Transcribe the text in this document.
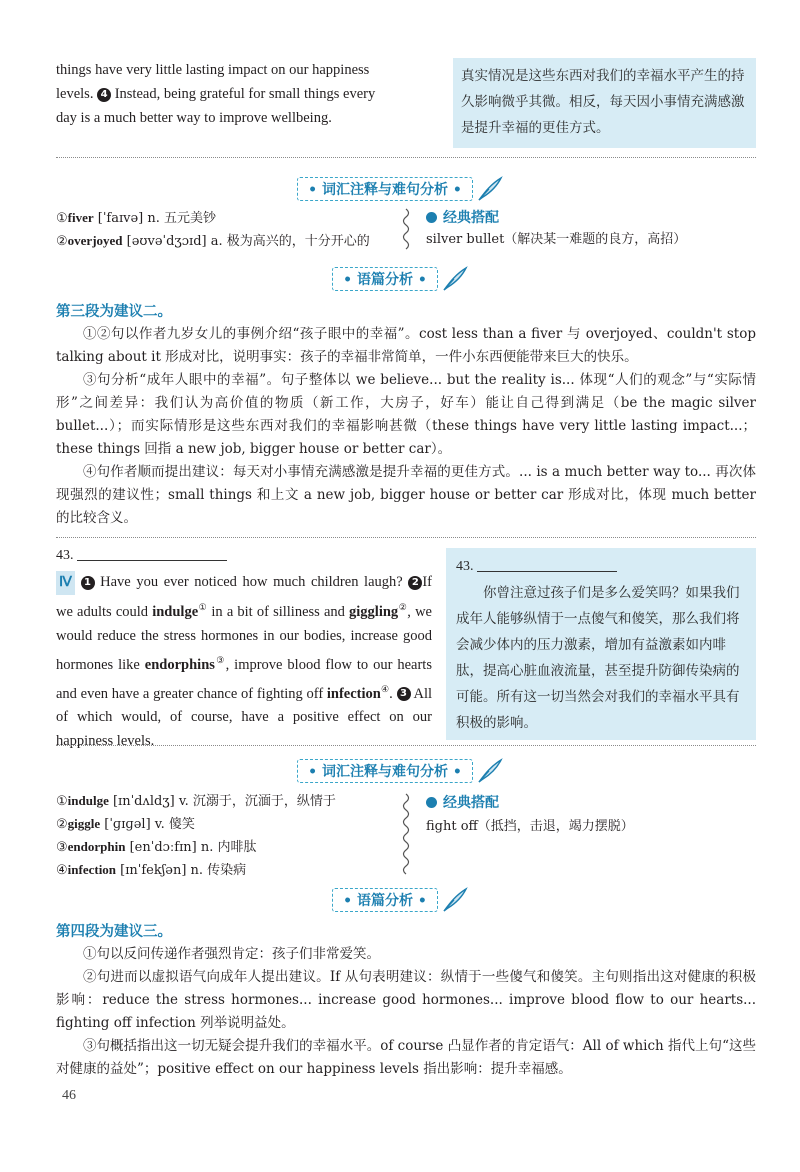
things have very little lasting impact on our happiness
levels. 4 Instead, being grateful for small things every
day is a much better way to improve wellbeing.
真实情况是这些东西对我们的幸福水平产生的持久影响微乎其微。相反，每天因小事情充满感激是提升幸福的更佳方式。
• 词汇注释与难句分析 •
①fiver [ˈfaɪvə] n. 五元美钞
②overjoyed [əʊvəˈdʒɔɪd] a. 极为高兴的，十分开心的
经典搭配
silver bullet（解决某一难题的良方，高招）
• 语篇分析 •
第三段为建议二。

①②句以作者九岁女儿的事例介绍“孩子眼中的幸福”。cost less than a fiver 与 overjoyed、couldn't stop talking about it 形成对比，说明事实：孩子的幸福非常简单，一件小东西便能带来巨大的快乐。

③句分析“成年人眼中的幸福”。句子整体以 we believe... but the reality is... 体现“人们的观念”与“实际情形”之间差异：我们认为高价值的物质（新工作，大房子，好车）能让自己得到满足（be the magic silver bullet...）；而实际情形是这些东西对我们的幸福影响甚微（these things have very little lasting impact...；these things 回指 a new job, bigger house or better car）。

④句作者顺而提出建议：每天对小事情充满感激是提升幸福的更佳方式。... is a much better way to... 再次体现强烈的建议性；small things 和上文 a new job, bigger house or better car 形成对比，体现 much better 的比较含义。

43.
Ⅳ 1 Have you ever noticed how much children laugh? 2 If we adults could indulge① in a bit of silliness and giggling②, we would reduce the stress hormones in our bodies, increase good hormones like endorphins③, improve blood flow to our hearts and even have a greater chance of fighting off infection④. 3 All of which would, of course, have a positive effect on our happiness levels.
43.
你曾注意过孩子们是多么爱笑吗？如果我们成年人能够纵情于一点傻气和傻笑，那么我们将会减少体内的压力激素，增加有益激素如内啡肽，提高心脏血液流量，甚至提升防御传染病的可能。所有这一切当然会对我们的幸福水平具有积极的影响。
• 词汇注释与难句分析 •
①indulge [ɪnˈdʌldʒ] v. 沉溺于，沉湎于，纵情于
②giggle [ˈɡɪɡəl] v. 傻笑
③endorphin [enˈdɔːfɪn] n. 内啡肽
④infection [ɪnˈfekʃən] n. 传染病
经典搭配
fight off（抵挡，击退，竭力摆脱）
• 语篇分析 •
第四段为建议三。

①句以反问传递作者强烈肯定：孩子们非常爱笑。

②句进而以虚拟语气向成年人提出建议。If 从句表明建议：纵情于一些傻气和傻笑。主句则指出这对健康的积极影响：reduce the stress hormones... increase good hormones... improve blood flow to our hearts... fighting off infection 列举说明益处。

③句概括指出这一切无疑会提升我们的幸福水平。of course 凸显作者的肯定语气：All of which 指代上句“这些对健康的益处”；positive effect on our happiness levels 指出影响：提升幸福感。

46
